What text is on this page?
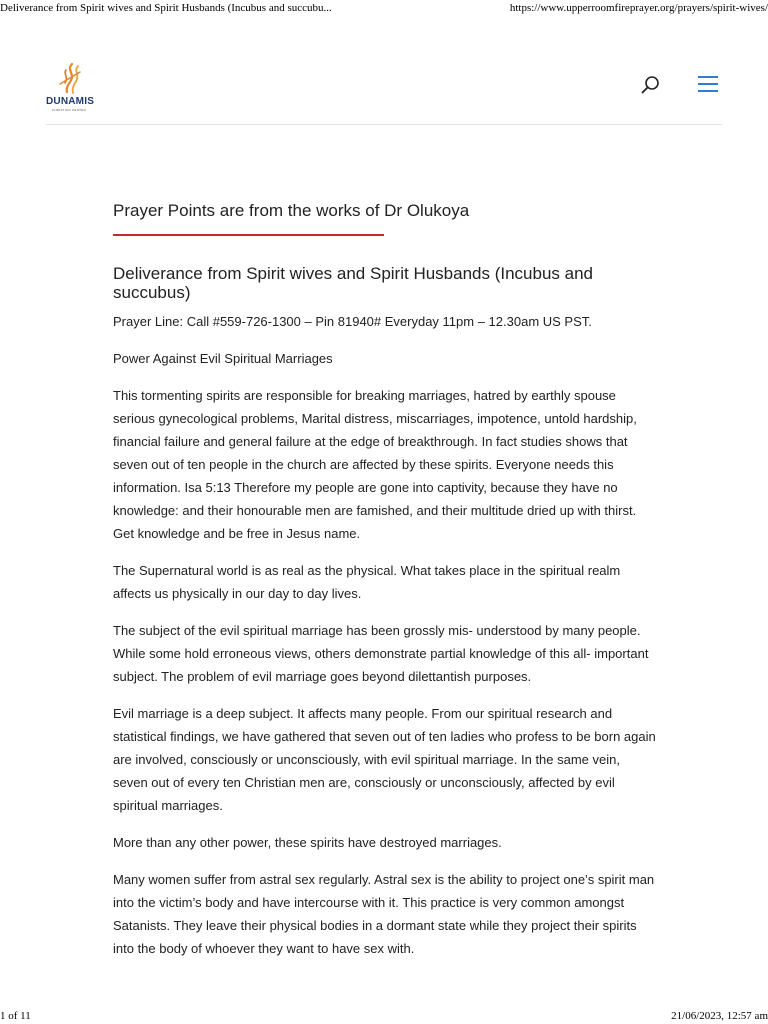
Deliverance from Spirit wives and Spirit Husbands (Incubus and succubu...	https://www.upperroomfireprayer.org/prayers/spirit-wives/
DUNAMIS
CHRISTIAN CENTER
Prayer Points are from the works of Dr Olukoya
Deliverance from Spirit wives and Spirit Husbands (Incubus and succubus)

Prayer Line: Call #559-726-1300 – Pin 81940# Everyday 11pm – 12.30am US PST.

Power Against Evil Spiritual Marriages

This tormenting spirits are responsible for breaking marriages, hatred by earthly spouse serious gynecological problems, Marital distress, miscarriages, impotence, untold hardship, financial failure and general failure at the edge of breakthrough. In fact studies shows that seven out of ten people in the church are affected by these spirits. Everyone needs this information. Isa 5:13 Therefore my people are gone into captivity, because they have no knowledge: and their honourable men are famished, and their multitude dried up with thirst. Get knowledge and be free in Jesus name.

The Supernatural world is as real as the physical. What takes place in the spiritual realm affects us physically in our day to day lives.

The subject of the evil spiritual marriage has been grossly mis- understood by many people. While some hold erroneous views, others demonstrate partial knowledge of this all- important subject. The problem of evil marriage goes beyond dilettantish purposes.

Evil marriage is a deep subject. It affects many people. From our spiritual research and statistical findings, we have gathered that seven out of ten ladies who profess to be born again are involved, consciously or unconsciously, with evil spiritual marriage. In the same vein, seven out of every ten Christian men are, consciously or unconsciously, affected by evil spiritual marriages.

More than any other power, these spirits have destroyed marriages.

Many women suffer from astral sex regularly. Astral sex is the ability to project one’s spirit man into the victim’s body and have intercourse with it. This practice is very common amongst Satanists. They leave their physical bodies in a dormant state while they project their spirits into the body of whoever they want to have sex with.

1 of 11	21/06/2023, 12:57 am
